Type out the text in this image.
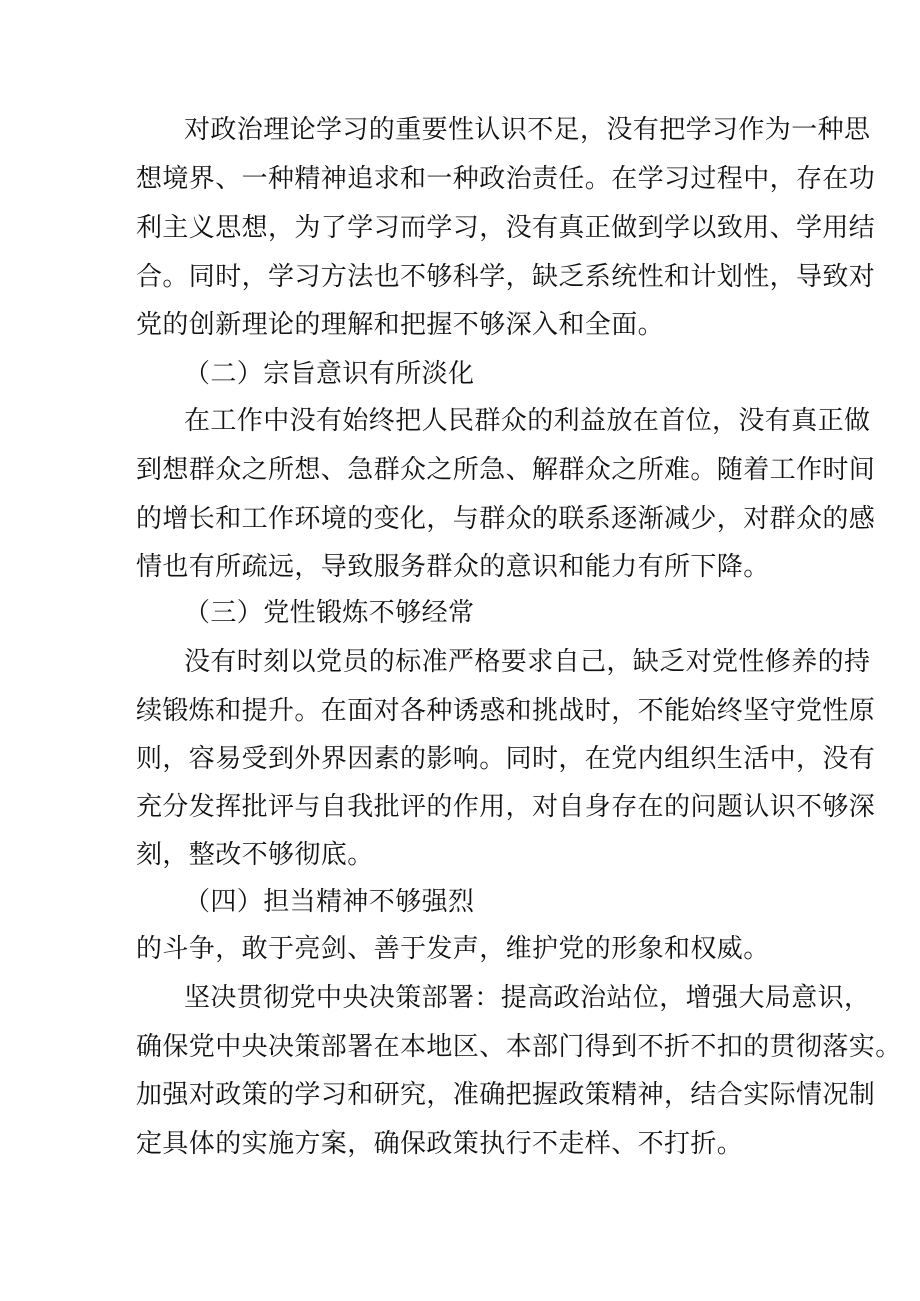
对政治理论学习的重要性认识不足，没有把学习作为一种思
想境界、一种精神追求和一种政治责任。在学习过程中，存在功
利主义思想，为了学习而学习，没有真正做到学以致用、学用结
合。同时，学习方法也不够科学，缺乏系统性和计划性，导致对
党的创新理论的理解和把握不够深入和全面。
（二）宗旨意识有所淡化
在工作中没有始终把人民群众的利益放在首位，没有真正做
到想群众之所想、急群众之所急、解群众之所难。随着工作时间
的增长和工作环境的变化，与群众的联系逐渐减少，对群众的感
情也有所疏远，导致服务群众的意识和能力有所下降。
（三）党性锻炼不够经常
没有时刻以党员的标准严格要求自己，缺乏对党性修养的持
续锻炼和提升。在面对各种诱惑和挑战时，不能始终坚守党性原
则，容易受到外界因素的影响。同时，在党内组织生活中，没有
充分发挥批评与自我批评的作用，对自身存在的问题认识不够深
刻，整改不够彻底。
（四）担当精神不够强烈
的斗争，敢于亮剑、善于发声，维护党的形象和权威。
坚决贯彻党中央决策部署：提高政治站位，增强大局意识，
确保党中央决策部署在本地区、本部门得到不折不扣的贯彻落实。
加强对政策的学习和研究，准确把握政策精神，结合实际情况制
定具体的实施方案，确保政策执行不走样、不打折。
